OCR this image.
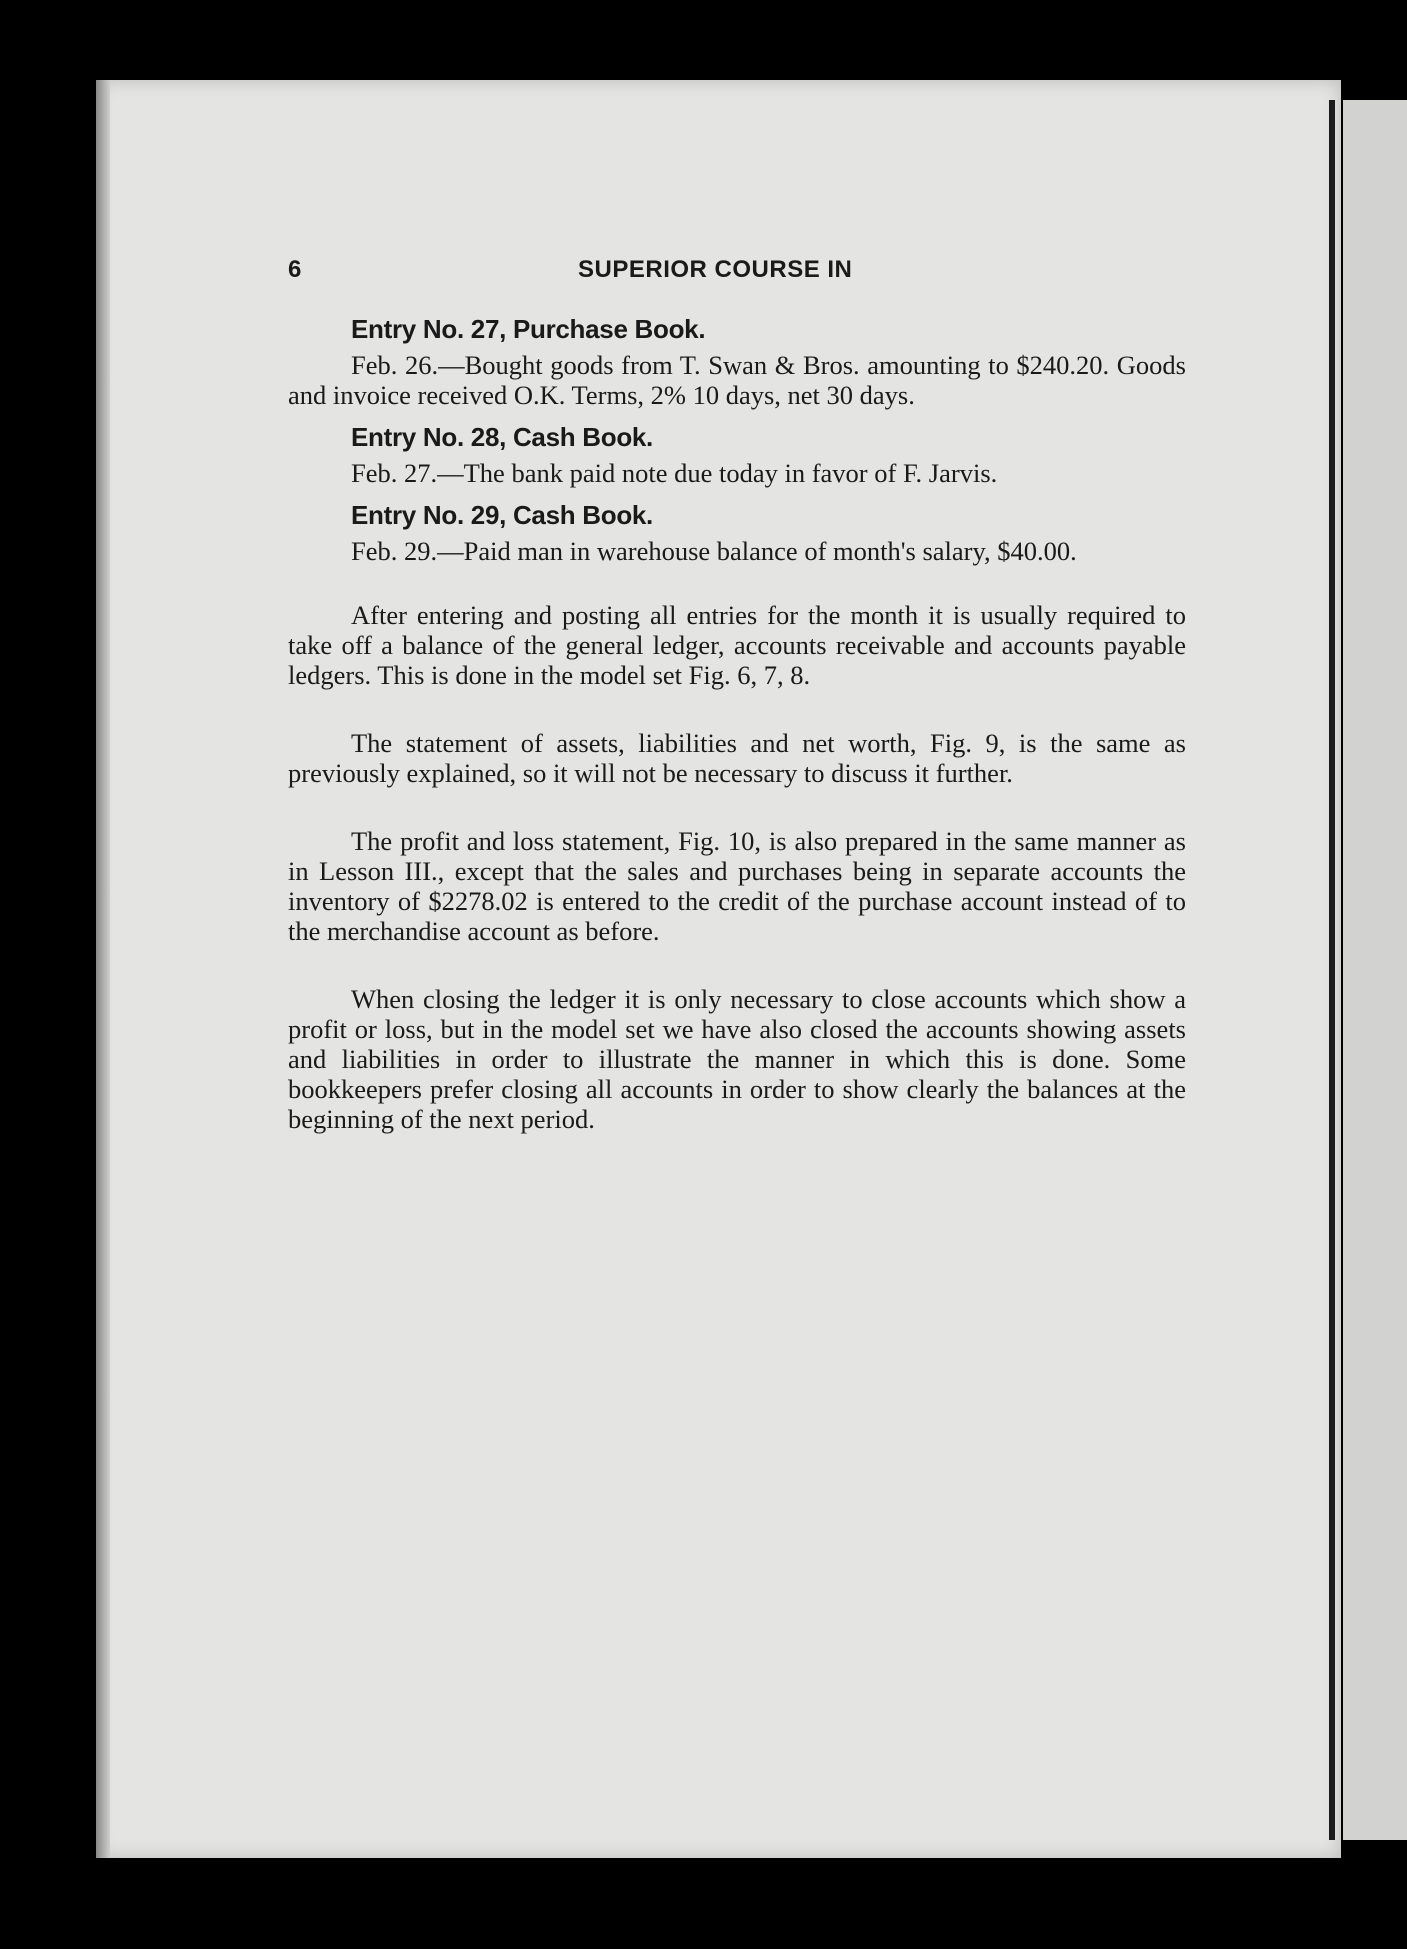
6	SUPERIOR COURSE IN

Entry No. 27, Purchase Book.

Feb. 26.—Bought goods from T. Swan & Bros. amounting to $240.20. Goods and invoice received O.K. Terms, 2% 10 days, net 30 days.

Entry No. 28, Cash Book.

Feb. 27.—The bank paid note due today in favor of F. Jarvis.

Entry No. 29, Cash Book.

Feb. 29.—Paid man in warehouse balance of month's salary, $40.00.

After entering and posting all entries for the month it is usually required to take off a balance of the general ledger, accounts receivable and accounts payable ledgers. This is done in the model set Fig. 6, 7, 8.

The statement of assets, liabilities and net worth, Fig. 9, is the same as previously explained, so it will not be necessary to discuss it further.

The profit and loss statement, Fig. 10, is also prepared in the same manner as in Lesson III., except that the sales and purchases being in separate accounts the inventory of $2278.02 is entered to the credit of the purchase account instead of to the merchandise account as before.

When closing the ledger it is only necessary to close accounts which show a profit or loss, but in the model set we have also closed the accounts showing assets and liabilities in order to illustrate the manner in which this is done. Some bookkeepers prefer closing all accounts in order to show clearly the balances at the beginning of the next period.
